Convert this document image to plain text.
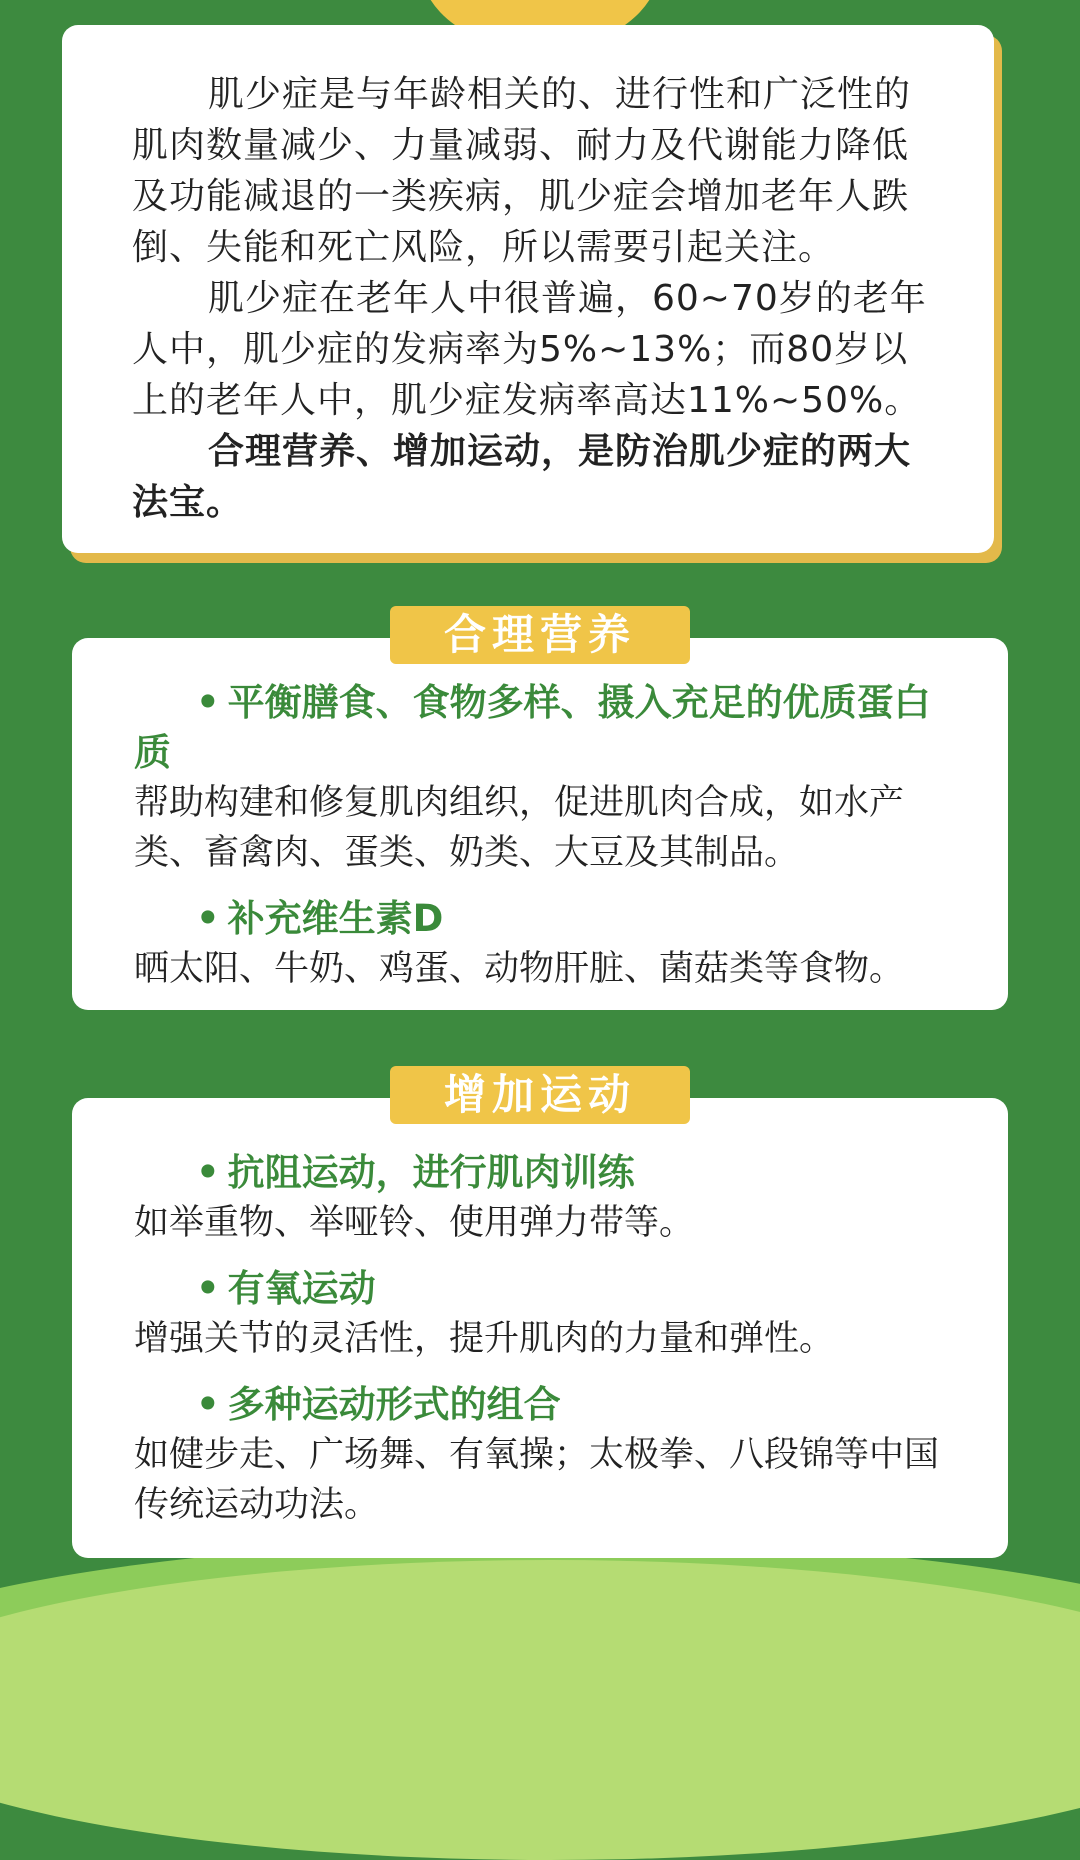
肌少症是与年龄相关的、进行性和广泛性的肌肉数量减少、力量减弱、耐力及代谢能力降低及功能减退的一类疾病，肌少症会增加老年人跌倒、失能和死亡风险，所以需要引起关注。

肌少症在老年人中很普遍，60~70岁的老年人中，肌少症的发病率为5%~13%；而80岁以上的老年人中，肌少症发病率高达11%~50%。

合理营养、增加运动，是防治肌少症的两大法宝。

• 平衡膳食、食物多样、摄入充足的优质蛋白质

帮助构建和修复肌肉组织，促进肌肉合成，如水产类、畜禽肉、蛋类、奶类、大豆及其制品。

• 补充维生素D

晒太阳、牛奶、鸡蛋、动物肝脏、菌菇类等食物。

合理营养

• 抗阻运动，进行肌肉训练

如举重物、举哑铃、使用弹力带等。

• 有氧运动

增强关节的灵活性，提升肌肉的力量和弹性。

• 多种运动形式的组合

如健步走、广场舞、有氧操；太极拳、八段锦等中国传统运动功法。

增加运动
